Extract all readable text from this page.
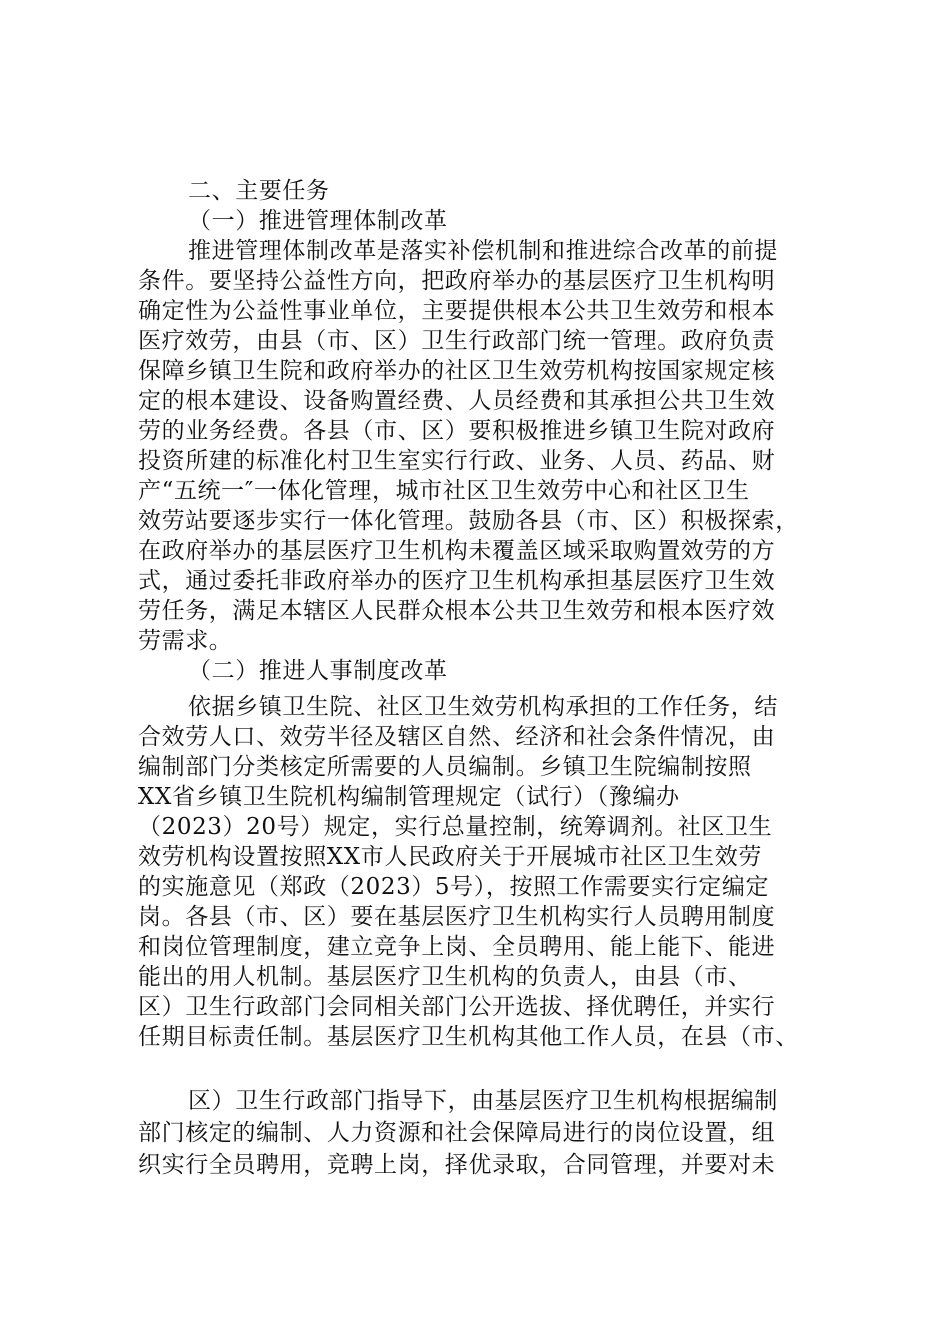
二、主要任务
（一）推进管理体制改革
推进管理体制改革是落实补偿机制和推进综合改革的前提
条件。要坚持公益性方向，把政府举办的基层医疗卫生机构明
确定性为公益性事业单位，主要提供根本公共卫生效劳和根本
医疗效劳，由县（市、区）卫生行政部门统一管理。政府负责
保障乡镇卫生院和政府举办的社区卫生效劳机构按国家规定核
定的根本建设、设备购置经费、人员经费和其承担公共卫生效
劳的业务经费。各县（市、区）要积极推进乡镇卫生院对政府
投资所建的标准化村卫生室实行行政、业务、人员、药品、财
产“五统一″一体化管理，城市社区卫生效劳中心和社区卫生
效劳站要逐步实行一体化管理。鼓励各县（市、区）积极探索，
在政府举办的基层医疗卫生机构未覆盖区域采取购置效劳的方
式，通过委托非政府举办的医疗卫生机构承担基层医疗卫生效
劳任务，满足本辖区人民群众根本公共卫生效劳和根本医疗效
劳需求。
（二）推进人事制度改革
依据乡镇卫生院、社区卫生效劳机构承担的工作任务，结
合效劳人口、效劳半径及辖区自然、经济和社会条件情况，由
编制部门分类核定所需要的人员编制。乡镇卫生院编制按照
XX省乡镇卫生院机构编制管理规定（试行）（豫编办
（2023）20号）规定，实行总量控制，统筹调剂。社区卫生
效劳机构设置按照XX市人民政府关于开展城市社区卫生效劳
的实施意见（郑政（2023）5号），按照工作需要实行定编定
岗。各县（市、区）要在基层医疗卫生机构实行人员聘用制度
和岗位管理制度，建立竞争上岗、全员聘用、能上能下、能进
能出的用人机制。基层医疗卫生机构的负责人，由县（市、
区）卫生行政部门会同相关部门公开选拔、择优聘任，并实行
任期目标责任制。基层医疗卫生机构其他工作人员，在县（市、
区）卫生行政部门指导下，由基层医疗卫生机构根据编制
部门核定的编制、人力资源和社会保障局进行的岗位设置，组
织实行全员聘用，竞聘上岗，择优录取，合同管理，并要对未
